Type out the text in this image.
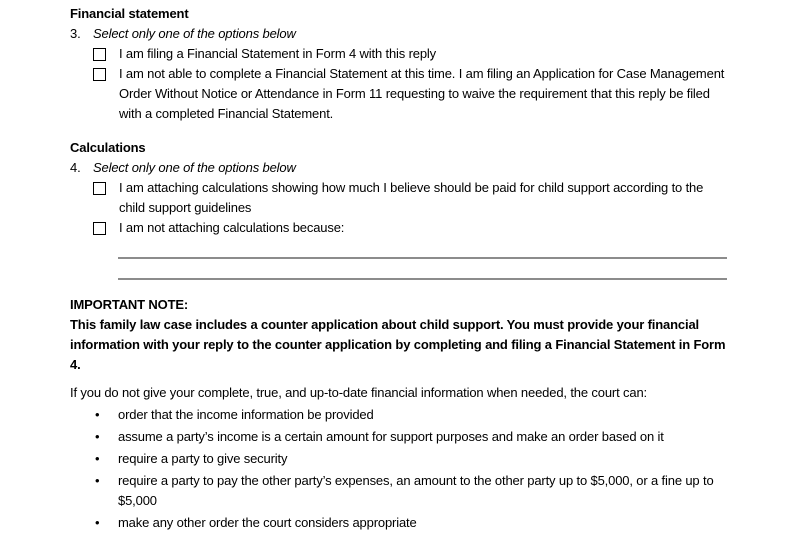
Financial statement
3. Select only one of the options below
I am filing a Financial Statement in Form 4 with this reply
I am not able to complete a Financial Statement at this time. I am filing an Application for Case Management Order Without Notice or Attendance in Form 11 requesting to waive the requirement that this reply be filed with a completed Financial Statement.
Calculations
4. Select only one of the options below
I am attaching calculations showing how much I believe should be paid for child support according to the child support guidelines
I am not attaching calculations because:
IMPORTANT NOTE:
This family law case includes a counter application about child support. You must provide your financial information with your reply to the counter application by completing and filing a Financial Statement in Form 4.
If you do not give your complete, true, and up-to-date financial information when needed, the court can:
•	order that the income information be provided
•	assume a party’s income is a certain amount for support purposes and make an order based on it
•	require a party to give security
•	require a party to pay the other party’s expenses, an amount to the other party up to $5,000, or a fine up to $5,000
•	make any other order the court considers appropriate
